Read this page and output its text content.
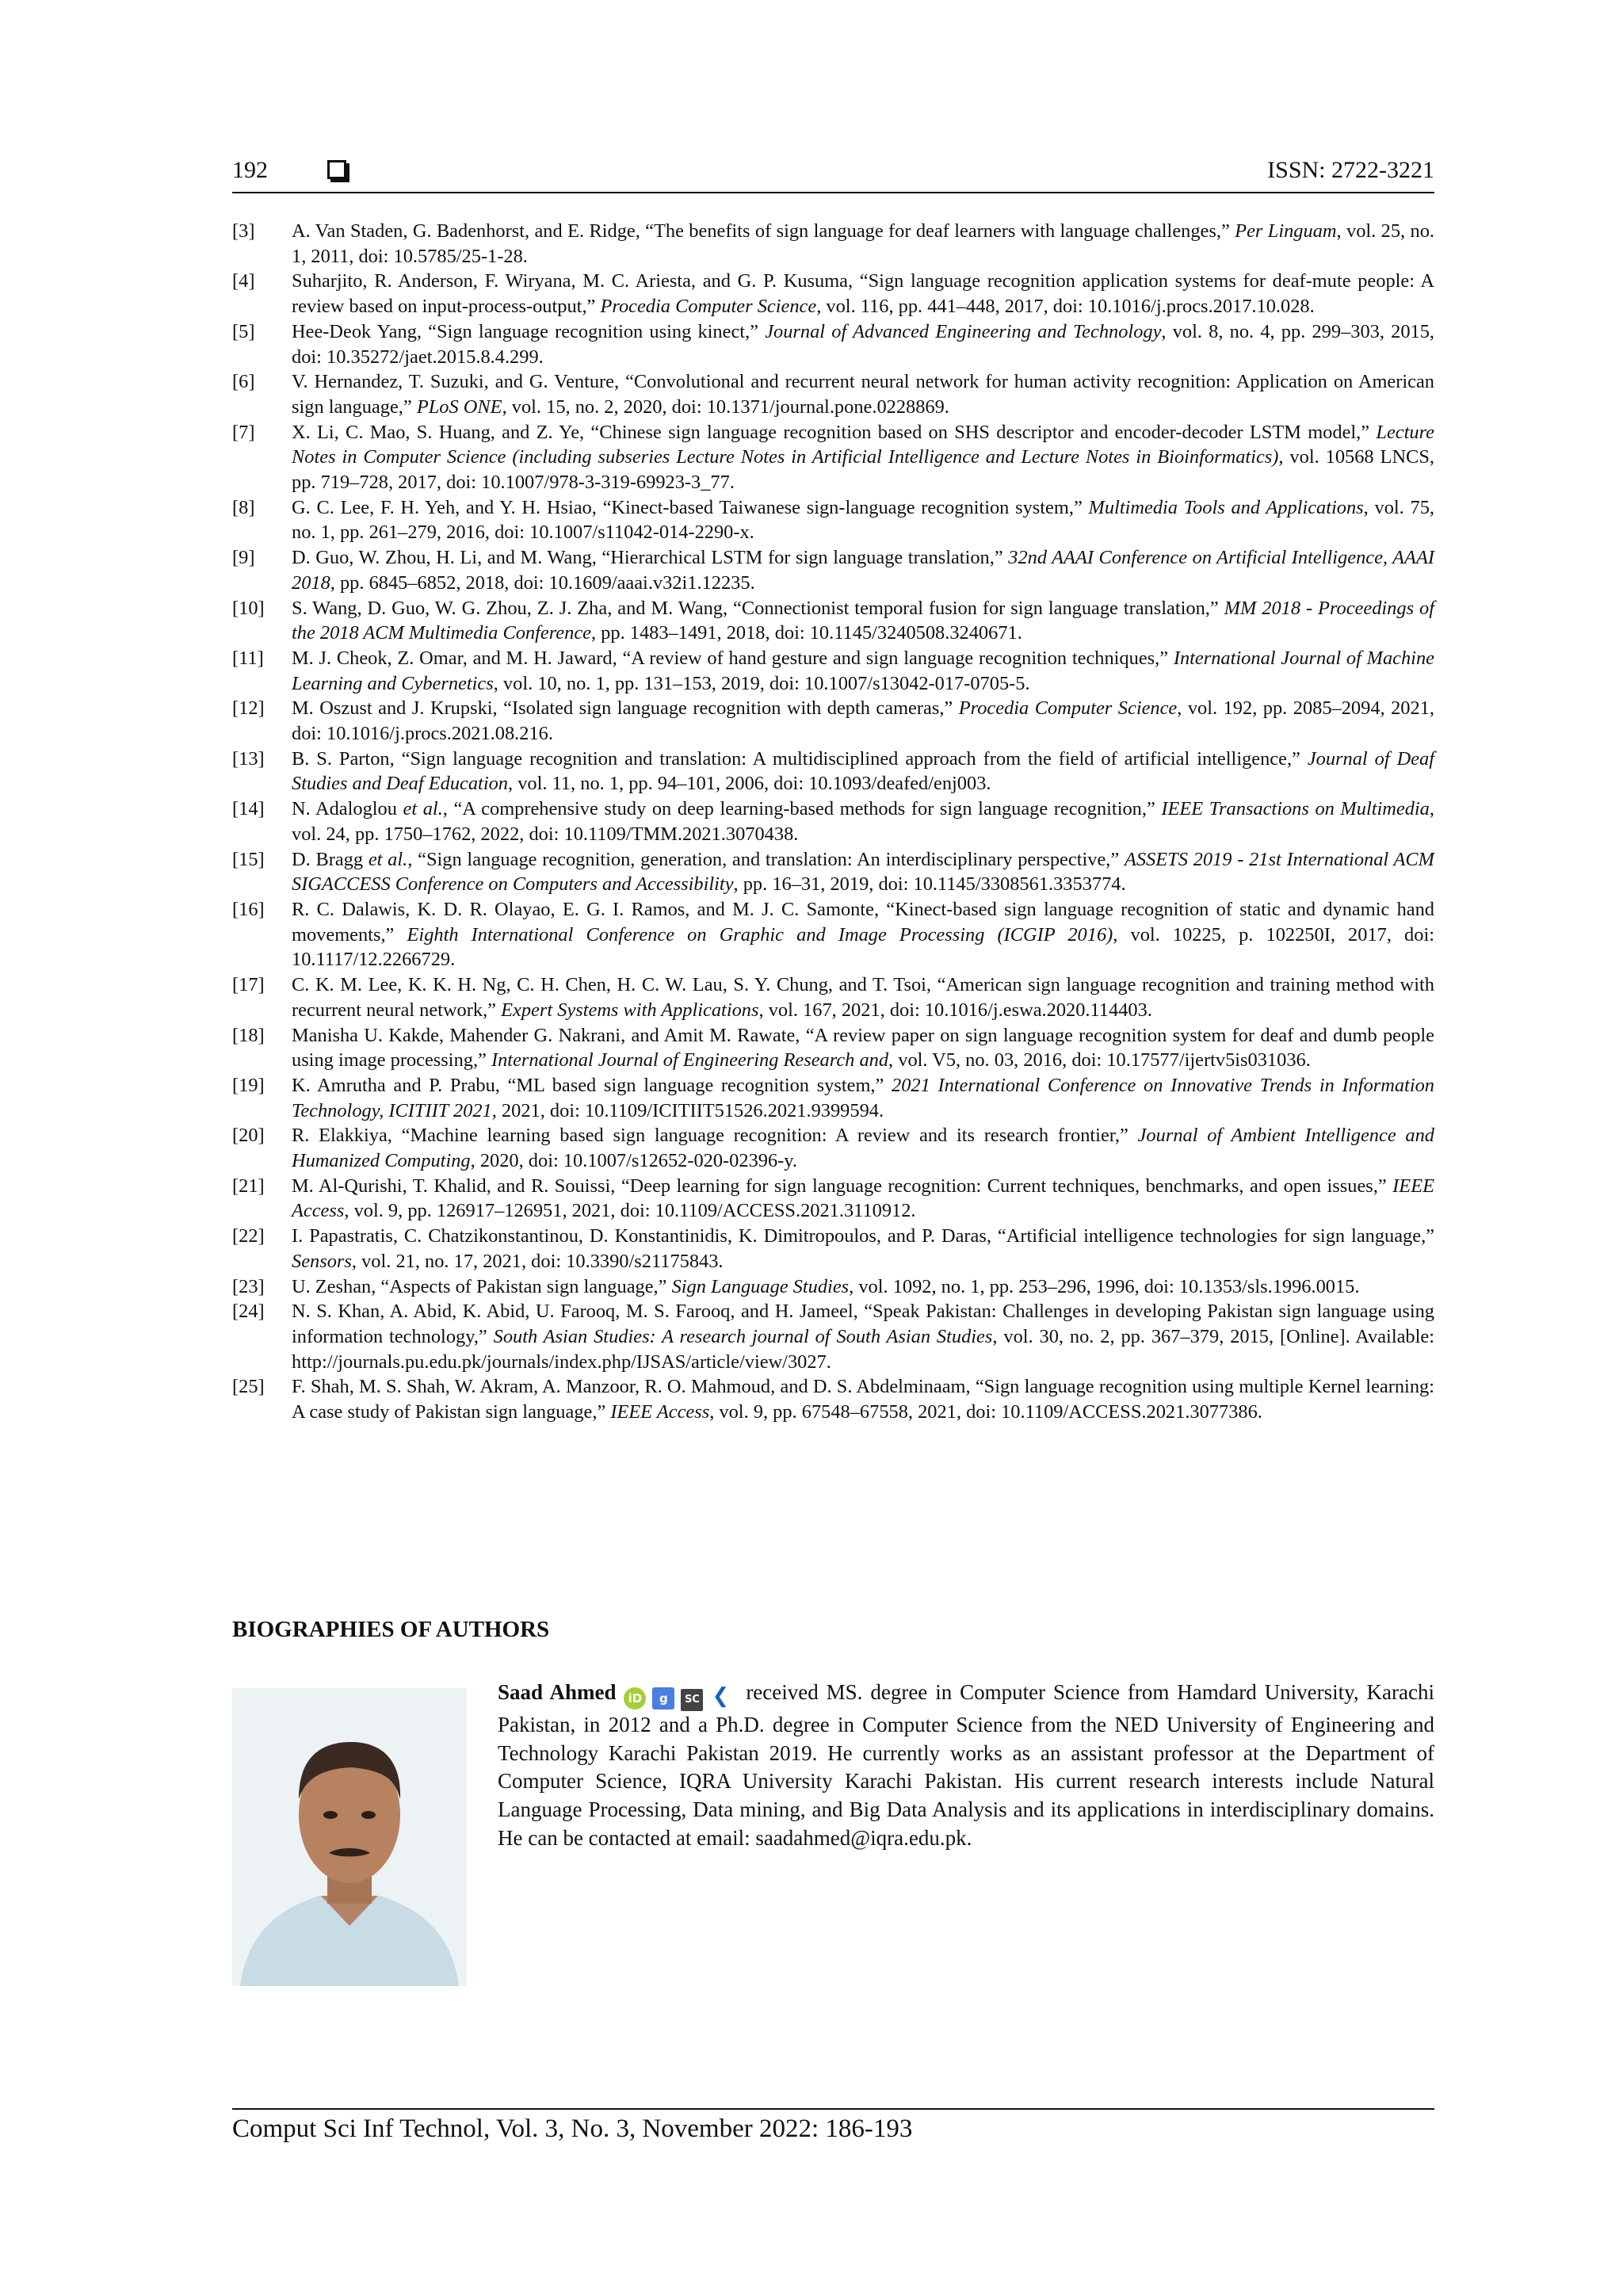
192	ISSN: 2722-3221
[3] A. Van Staden, G. Badenhorst, and E. Ridge, “The benefits of sign language for deaf learners with language challenges,” Per Linguam, vol. 25, no. 1, 2011, doi: 10.5785/25-1-28.
[4] Suharjito, R. Anderson, F. Wiryana, M. C. Ariesta, and G. P. Kusuma, “Sign language recognition application systems for deaf-mute people: A review based on input-process-output,” Procedia Computer Science, vol. 116, pp. 441–448, 2017, doi: 10.1016/j.procs.2017.10.028.
[5] Hee-Deok Yang, “Sign language recognition using kinect,” Journal of Advanced Engineering and Technology, vol. 8, no. 4, pp. 299–303, 2015, doi: 10.35272/jaet.2015.8.4.299.
[6] V. Hernandez, T. Suzuki, and G. Venture, “Convolutional and recurrent neural network for human activity recognition: Application on American sign language,” PLoS ONE, vol. 15, no. 2, 2020, doi: 10.1371/journal.pone.0228869.
[7] X. Li, C. Mao, S. Huang, and Z. Ye, “Chinese sign language recognition based on SHS descriptor and encoder-decoder LSTM model,” Lecture Notes in Computer Science (including subseries Lecture Notes in Artificial Intelligence and Lecture Notes in Bioinformatics), vol. 10568 LNCS, pp. 719–728, 2017, doi: 10.1007/978-3-319-69923-3_77.
[8] G. C. Lee, F. H. Yeh, and Y. H. Hsiao, “Kinect-based Taiwanese sign-language recognition system,” Multimedia Tools and Applications, vol. 75, no. 1, pp. 261–279, 2016, doi: 10.1007/s11042-014-2290-x.
[9] D. Guo, W. Zhou, H. Li, and M. Wang, “Hierarchical LSTM for sign language translation,” 32nd AAAI Conference on Artificial Intelligence, AAAI 2018, pp. 6845–6852, 2018, doi: 10.1609/aaai.v32i1.12235.
[10] S. Wang, D. Guo, W. G. Zhou, Z. J. Zha, and M. Wang, “Connectionist temporal fusion for sign language translation,” MM 2018 - Proceedings of the 2018 ACM Multimedia Conference, pp. 1483–1491, 2018, doi: 10.1145/3240508.3240671.
[11] M. J. Cheok, Z. Omar, and M. H. Jaward, “A review of hand gesture and sign language recognition techniques,” International Journal of Machine Learning and Cybernetics, vol. 10, no. 1, pp. 131–153, 2019, doi: 10.1007/s13042-017-0705-5.
[12] M. Oszust and J. Krupski, “Isolated sign language recognition with depth cameras,” Procedia Computer Science, vol. 192, pp. 2085–2094, 2021, doi: 10.1016/j.procs.2021.08.216.
[13] B. S. Parton, “Sign language recognition and translation: A multidisciplined approach from the field of artificial intelligence,” Journal of Deaf Studies and Deaf Education, vol. 11, no. 1, pp. 94–101, 2006, doi: 10.1093/deafed/enj003.
[14] N. Adaloglou et al., “A comprehensive study on deep learning-based methods for sign language recognition,” IEEE Transactions on Multimedia, vol. 24, pp. 1750–1762, 2022, doi: 10.1109/TMM.2021.3070438.
[15] D. Bragg et al., “Sign language recognition, generation, and translation: An interdisciplinary perspective,” ASSETS 2019 - 21st International ACM SIGACCESS Conference on Computers and Accessibility, pp. 16–31, 2019, doi: 10.1145/3308561.3353774.
[16] R. C. Dalawis, K. D. R. Olayao, E. G. I. Ramos, and M. J. C. Samonte, “Kinect-based sign language recognition of static and dynamic hand movements,” Eighth International Conference on Graphic and Image Processing (ICGIP 2016), vol. 10225, p. 102250I, 2017, doi: 10.1117/12.2266729.
[17] C. K. M. Lee, K. K. H. Ng, C. H. Chen, H. C. W. Lau, S. Y. Chung, and T. Tsoi, “American sign language recognition and training method with recurrent neural network,” Expert Systems with Applications, vol. 167, 2021, doi: 10.1016/j.eswa.2020.114403.
[18] Manisha U. Kakde, Mahender G. Nakrani, and Amit M. Rawate, “A review paper on sign language recognition system for deaf and dumb people using image processing,” International Journal of Engineering Research and, vol. V5, no. 03, 2016, doi: 10.17577/ijertv5is031036.
[19] K. Amrutha and P. Prabu, “ML based sign language recognition system,” 2021 International Conference on Innovative Trends in Information Technology, ICITIIT 2021, 2021, doi: 10.1109/ICITIIT51526.2021.9399594.
[20] R. Elakkiya, “Machine learning based sign language recognition: A review and its research frontier,” Journal of Ambient Intelligence and Humanized Computing, 2020, doi: 10.1007/s12652-020-02396-y.
[21] M. Al-Qurishi, T. Khalid, and R. Souissi, “Deep learning for sign language recognition: Current techniques, benchmarks, and open issues,” IEEE Access, vol. 9, pp. 126917–126951, 2021, doi: 10.1109/ACCESS.2021.3110912.
[22] I. Papastratis, C. Chatzikonstantinou, D. Konstantinidis, K. Dimitropoulos, and P. Daras, “Artificial intelligence technologies for sign language,” Sensors, vol. 21, no. 17, 2021, doi: 10.3390/s21175843.
[23] U. Zeshan, “Aspects of Pakistan sign language,” Sign Language Studies, vol. 1092, no. 1, pp. 253–296, 1996, doi: 10.1353/sls.1996.0015.
[24] N. S. Khan, A. Abid, K. Abid, U. Farooq, M. S. Farooq, and H. Jameel, “Speak Pakistan: Challenges in developing Pakistan sign language using information technology,” South Asian Studies: A research journal of South Asian Studies, vol. 30, no. 2, pp. 367–379, 2015, [Online]. Available: http://journals.pu.edu.pk/journals/index.php/IJSAS/article/view/3027.
[25] F. Shah, M. S. Shah, W. Akram, A. Manzoor, R. O. Mahmoud, and D. S. Abdelminaam, “Sign language recognition using multiple Kernel learning: A case study of Pakistan sign language,” IEEE Access, vol. 9, pp. 67548–67558, 2021, doi: 10.1109/ACCESS.2021.3077386.
BIOGRAPHIES OF AUTHORS

Saad Ahmed iD g SC ❮ received MS. degree in Computer Science from Hamdard University, Karachi Pakistan, in 2012 and a Ph.D. degree in Computer Science from the NED University of Engineering and Technology Karachi Pakistan 2019. He currently works as an assistant professor at the Department of Computer Science, IQRA University Karachi Pakistan. His current research interests include Natural Language Processing, Data mining, and Big Data Analysis and its applications in interdisciplinary domains. He can be contacted at email: saadahmed@iqra.edu.pk.

Comput Sci Inf Technol, Vol. 3, No. 3, November 2022: 186-193
